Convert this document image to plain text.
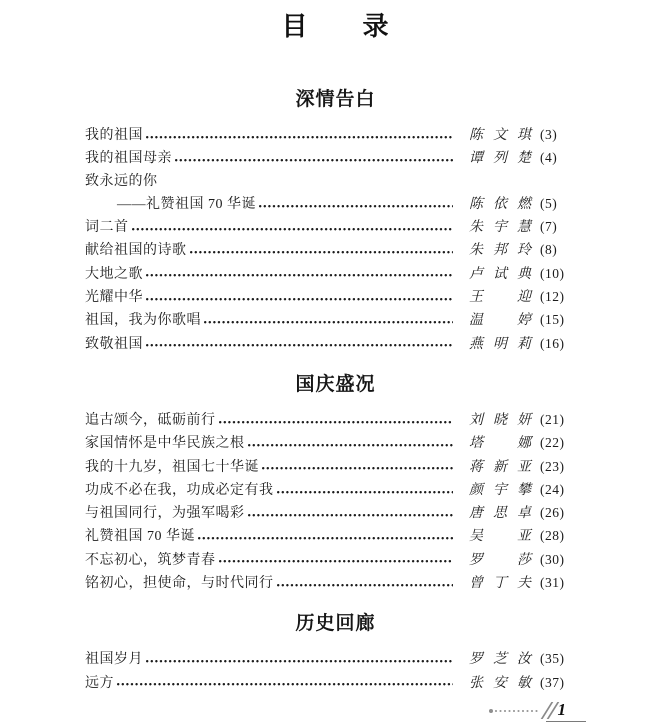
目　　录
深情告白
我的祖国	陈文琪 (3)
我的祖国母亲	谭列楚 (4)
致永远的你
——礼赞祖国 70 华诞	陈依燃 (5)
词二首	朱宇慧 (7)
献给祖国的诗歌	朱邦玲 (8)
大地之歌	卢试典 (10)
光耀中华	王迎 (12)
祖国，我为你歌唱	温婷 (15)
致敬祖国	燕明莉 (16)
国庆盛况
追古颂今，砥砺前行	刘晓妍 (21)
家国情怀是中华民族之根	塔娜 (22)
我的十九岁，祖国七十华诞	蒋新亚 (23)
功成不必在我，功成必定有我	颜宇攀 (24)
与祖国同行，为强军喝彩	唐思卓 (26)
礼赞祖国 70 华诞	吴亚 (28)
不忘初心，筑梦青春	罗莎 (30)
铭初心，担使命，与时代同行	曾丁夫 (31)
历史回廊
祖国岁月	罗芝汝 (35)
远方	张安敏 (37)
1
